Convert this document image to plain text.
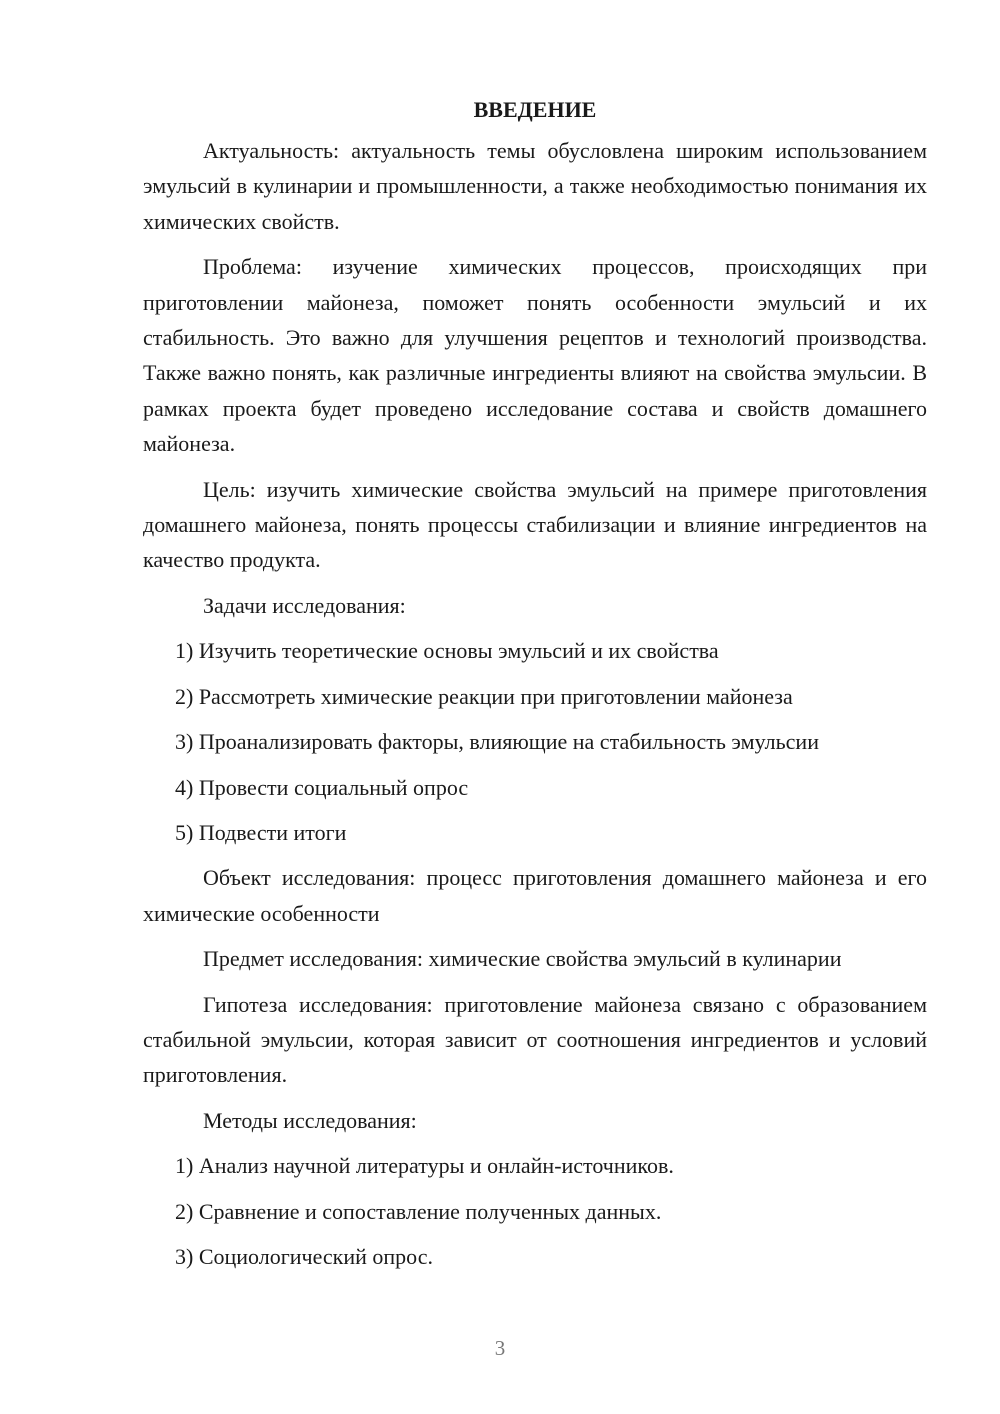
ВВЕДЕНИЕ

Актуальность: актуальность темы обусловлена широким использованием эмульсий в кулинарии и промышленности, а также необходимостью понимания их химических свойств.

Проблема: изучение химических процессов, происходящих при приготовлении майонеза, поможет понять особенности эмульсий и их стабильность. Это важно для улучшения рецептов и технологий производства. Также важно понять, как различные ингредиенты влияют на свойства эмульсии. В рамках проекта будет проведено исследование состава и свойств домашнего майонеза.

Цель: изучить химические свойства эмульсий на примере приготовления домашнего майонеза, понять процессы стабилизации и влияние ингредиентов на качество продукта.

Задачи исследования:

1) Изучить теоретические основы эмульсий и их свойства
2) Рассмотреть химические реакции при приготовлении майонеза
3) Проанализировать факторы, влияющие на стабильность эмульсии
4) Провести социальный опрос
5) Подвести итоги

Объект исследования: процесс приготовления домашнего майонеза и его химические особенности

Предмет исследования: химические свойства эмульсий в кулинарии

Гипотеза исследования: приготовление майонеза связано с образованием стабильной эмульсии, которая зависит от соотношения ингредиентов и условий приготовления.

Методы исследования:

1) Анализ научной литературы и онлайн-источников.
2) Сравнение и сопоставление полученных данных.
3) Социологический опрос.
3
